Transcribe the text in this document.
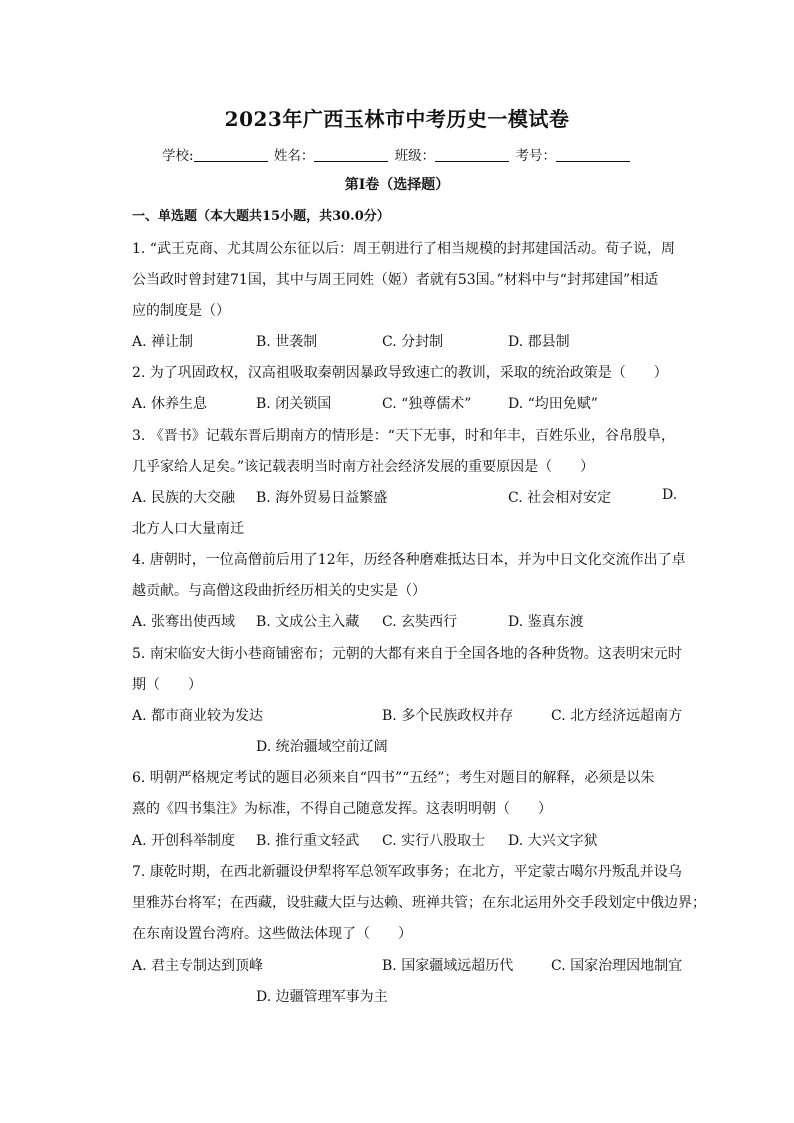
2023年广西玉林市中考历史一模试卷
学校:	姓名：	班级：	考号：
第I卷（选择题）
一、单选题（本大题共15小题，共30.0分）
1. “武王克商、尤其周公东征以后：周王朝进行了相当规模的封邦建国活动。荀子说，周
公当政时曾封建71国，其中与周王同姓（姬）者就有53国。”材料中与“封邦建国”相适
应的制度是（）
A. 禅让制	B. 世袭制	C. 分封制	D. 郡县制
2. 为了巩固政权，汉高祖吸取秦朝因暴政导致速亡的教训，采取的统治政策是（　　）
A. 休养生息	B. 闭关锁国	C. “独尊儒术”	D. “均田免赋”
3. 《晋书》记载东晋后期南方的情形是：“天下无事，时和年丰，百姓乐业，谷帛殷阜，
几乎家给人足矣。”该记载表明当时南方社会经济发展的重要原因是（　　）
A. 民族的大交融 B. 海外贸易日益繁盛	C. 社会相对安定	D.
北方人口大量南迁
4. 唐朝时，一位高僧前后用了12年，历经各种磨难抵达日本，并为中日文化交流作出了卓
越贡献。与高僧这段曲折经历相关的史实是（）
A. 张骞出使西域 B. 文成公主入藏 C. 玄奘西行	D. 鉴真东渡
5. 南宋临安大街小巷商铺密布；元朝的大都有来自于全国各地的各种货物。这表明宋元时
期（　　）
A. 都市商业较为发达	B. 多个民族政权并存	C. 北方经济远超南方
D. 统治疆域空前辽阔
6. 明朝严格规定考试的题目必须来自“四书”“五经”；考生对题目的解释，必须是以朱
熹的《四书集注》为标准，不得自己随意发挥。这表明明朝（　　）
A. 开创科举制度 B. 推行重文轻武 C. 实行八股取士 D. 大兴文字狱
7. 康乾时期，在西北新疆设伊犁将军总领军政事务；在北方，平定蒙古噶尔丹叛乱并设乌
里雅苏台将军；在西藏，设驻藏大臣与达赖、班禅共管；在东北运用外交手段划定中俄边界；
在东南设置台湾府。这些做法体现了（　　）
A. 君主专制达到顶峰	B. 国家疆域远超历代	C. 国家治理因地制宜
D. 边疆管理军事为主
